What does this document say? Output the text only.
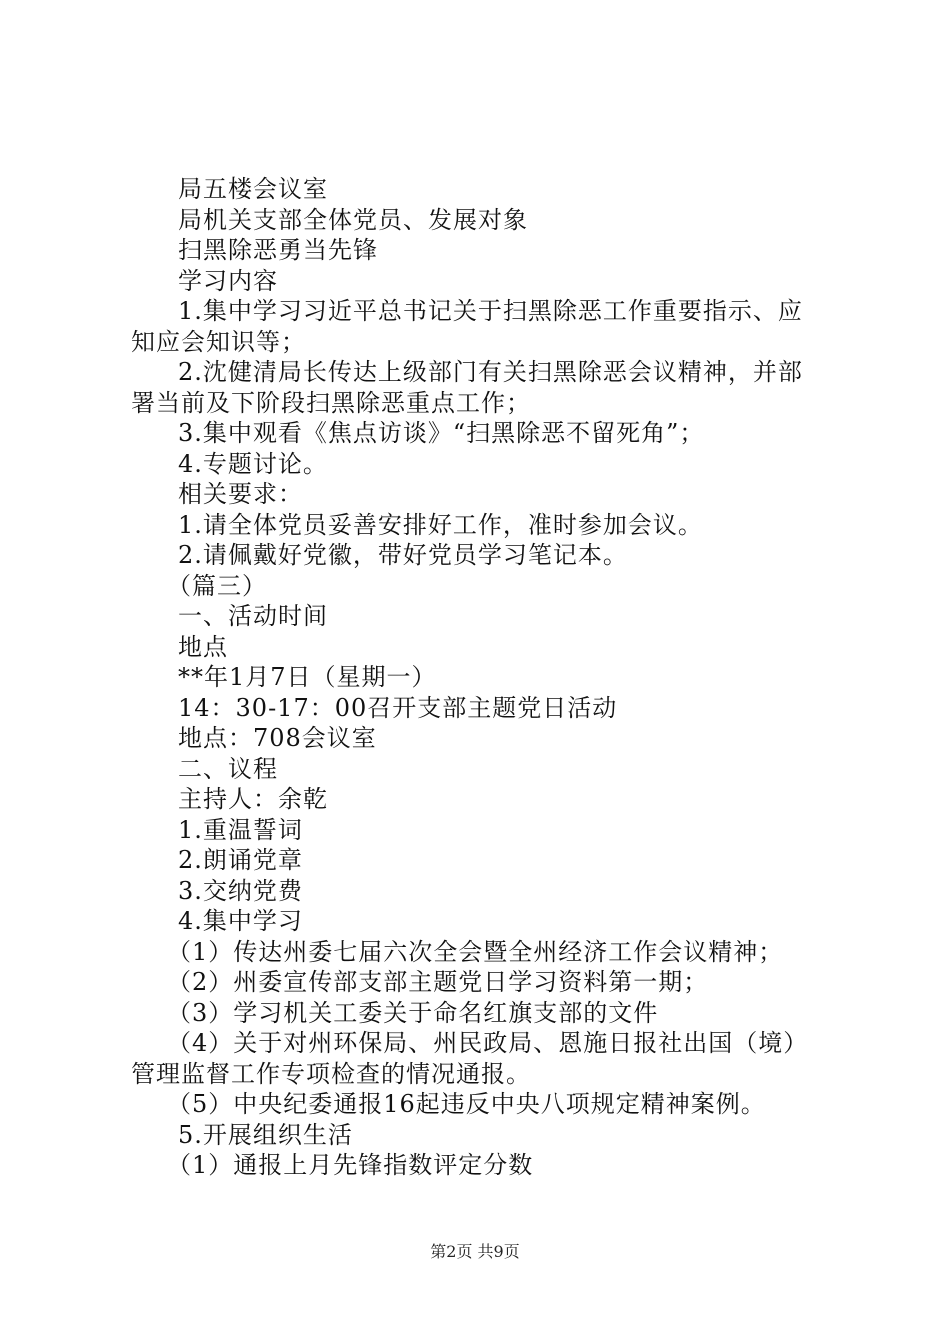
局五楼会议室
局机关支部全体党员、发展对象
扫黑除恶勇当先锋
学习内容
1.集中学习习近平总书记关于扫黑除恶工作重要指示、应
知应会知识等；
2.沈健清局长传达上级部门有关扫黑除恶会议精神，并部
署当前及下阶段扫黑除恶重点工作；
3.集中观看《焦点访谈》“扫黑除恶不留死角”；
4.专题讨论。
相关要求：
1.请全体党员妥善安排好工作，准时参加会议。
2.请佩戴好党徽，带好党员学习笔记本。
（篇三）
一、活动时间
地点
**年1月7日（星期一）
14：30-17：00召开支部主题党日活动
地点：708会议室
二、议程
主持人：余乾
1.重温誓词
2.朗诵党章
3.交纳党费
4.集中学习
（1）传达州委七届六次全会暨全州经济工作会议精神；
（2）州委宣传部支部主题党日学习资料第一期；
（3）学习机关工委关于命名红旗支部的文件
（4）关于对州环保局、州民政局、恩施日报社出国（境）
管理监督工作专项检查的情况通报。
（5）中央纪委通报16起违反中央八项规定精神案例。
5.开展组织生活
（1）通报上月先锋指数评定分数
第2页 共9页
